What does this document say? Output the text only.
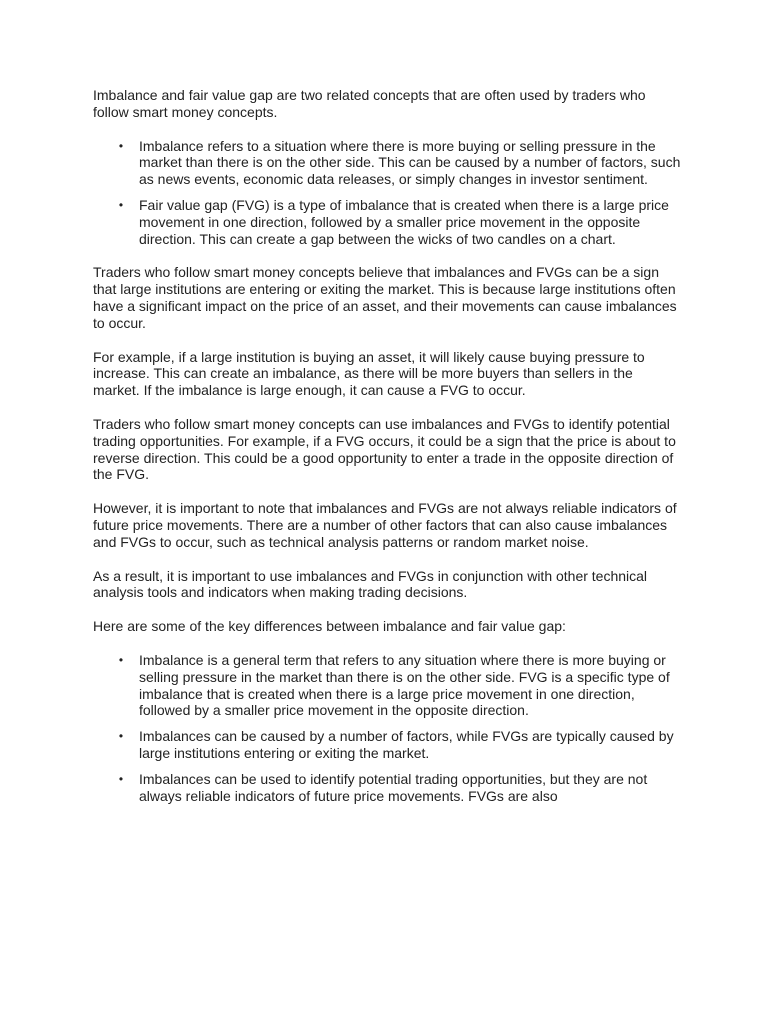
Imbalance and fair value gap are two related concepts that are often used by traders who follow smart money concepts.

• Imbalance refers to a situation where there is more buying or selling pressure in the market than there is on the other side. This can be caused by a number of factors, such as news events, economic data releases, or simply changes in investor sentiment.
• Fair value gap (FVG) is a type of imbalance that is created when there is a large price movement in one direction, followed by a smaller price movement in the opposite direction. This can create a gap between the wicks of two candles on a chart.

Traders who follow smart money concepts believe that imbalances and FVGs can be a sign that large institutions are entering or exiting the market. This is because large institutions often have a significant impact on the price of an asset, and their movements can cause imbalances to occur.

For example, if a large institution is buying an asset, it will likely cause buying pressure to increase. This can create an imbalance, as there will be more buyers than sellers in the market. If the imbalance is large enough, it can cause a FVG to occur.

Traders who follow smart money concepts can use imbalances and FVGs to identify potential trading opportunities. For example, if a FVG occurs, it could be a sign that the price is about to reverse direction. This could be a good opportunity to enter a trade in the opposite direction of the FVG.

However, it is important to note that imbalances and FVGs are not always reliable indicators of future price movements. There are a number of other factors that can also cause imbalances and FVGs to occur, such as technical analysis patterns or random market noise.

As a result, it is important to use imbalances and FVGs in conjunction with other technical analysis tools and indicators when making trading decisions.

Here are some of the key differences between imbalance and fair value gap:

• Imbalance is a general term that refers to any situation where there is more buying or selling pressure in the market than there is on the other side. FVG is a specific type of imbalance that is created when there is a large price movement in one direction, followed by a smaller price movement in the opposite direction.
• Imbalances can be caused by a number of factors, while FVGs are typically caused by large institutions entering or exiting the market.
• Imbalances can be used to identify potential trading opportunities, but they are not always reliable indicators of future price movements. FVGs are also
